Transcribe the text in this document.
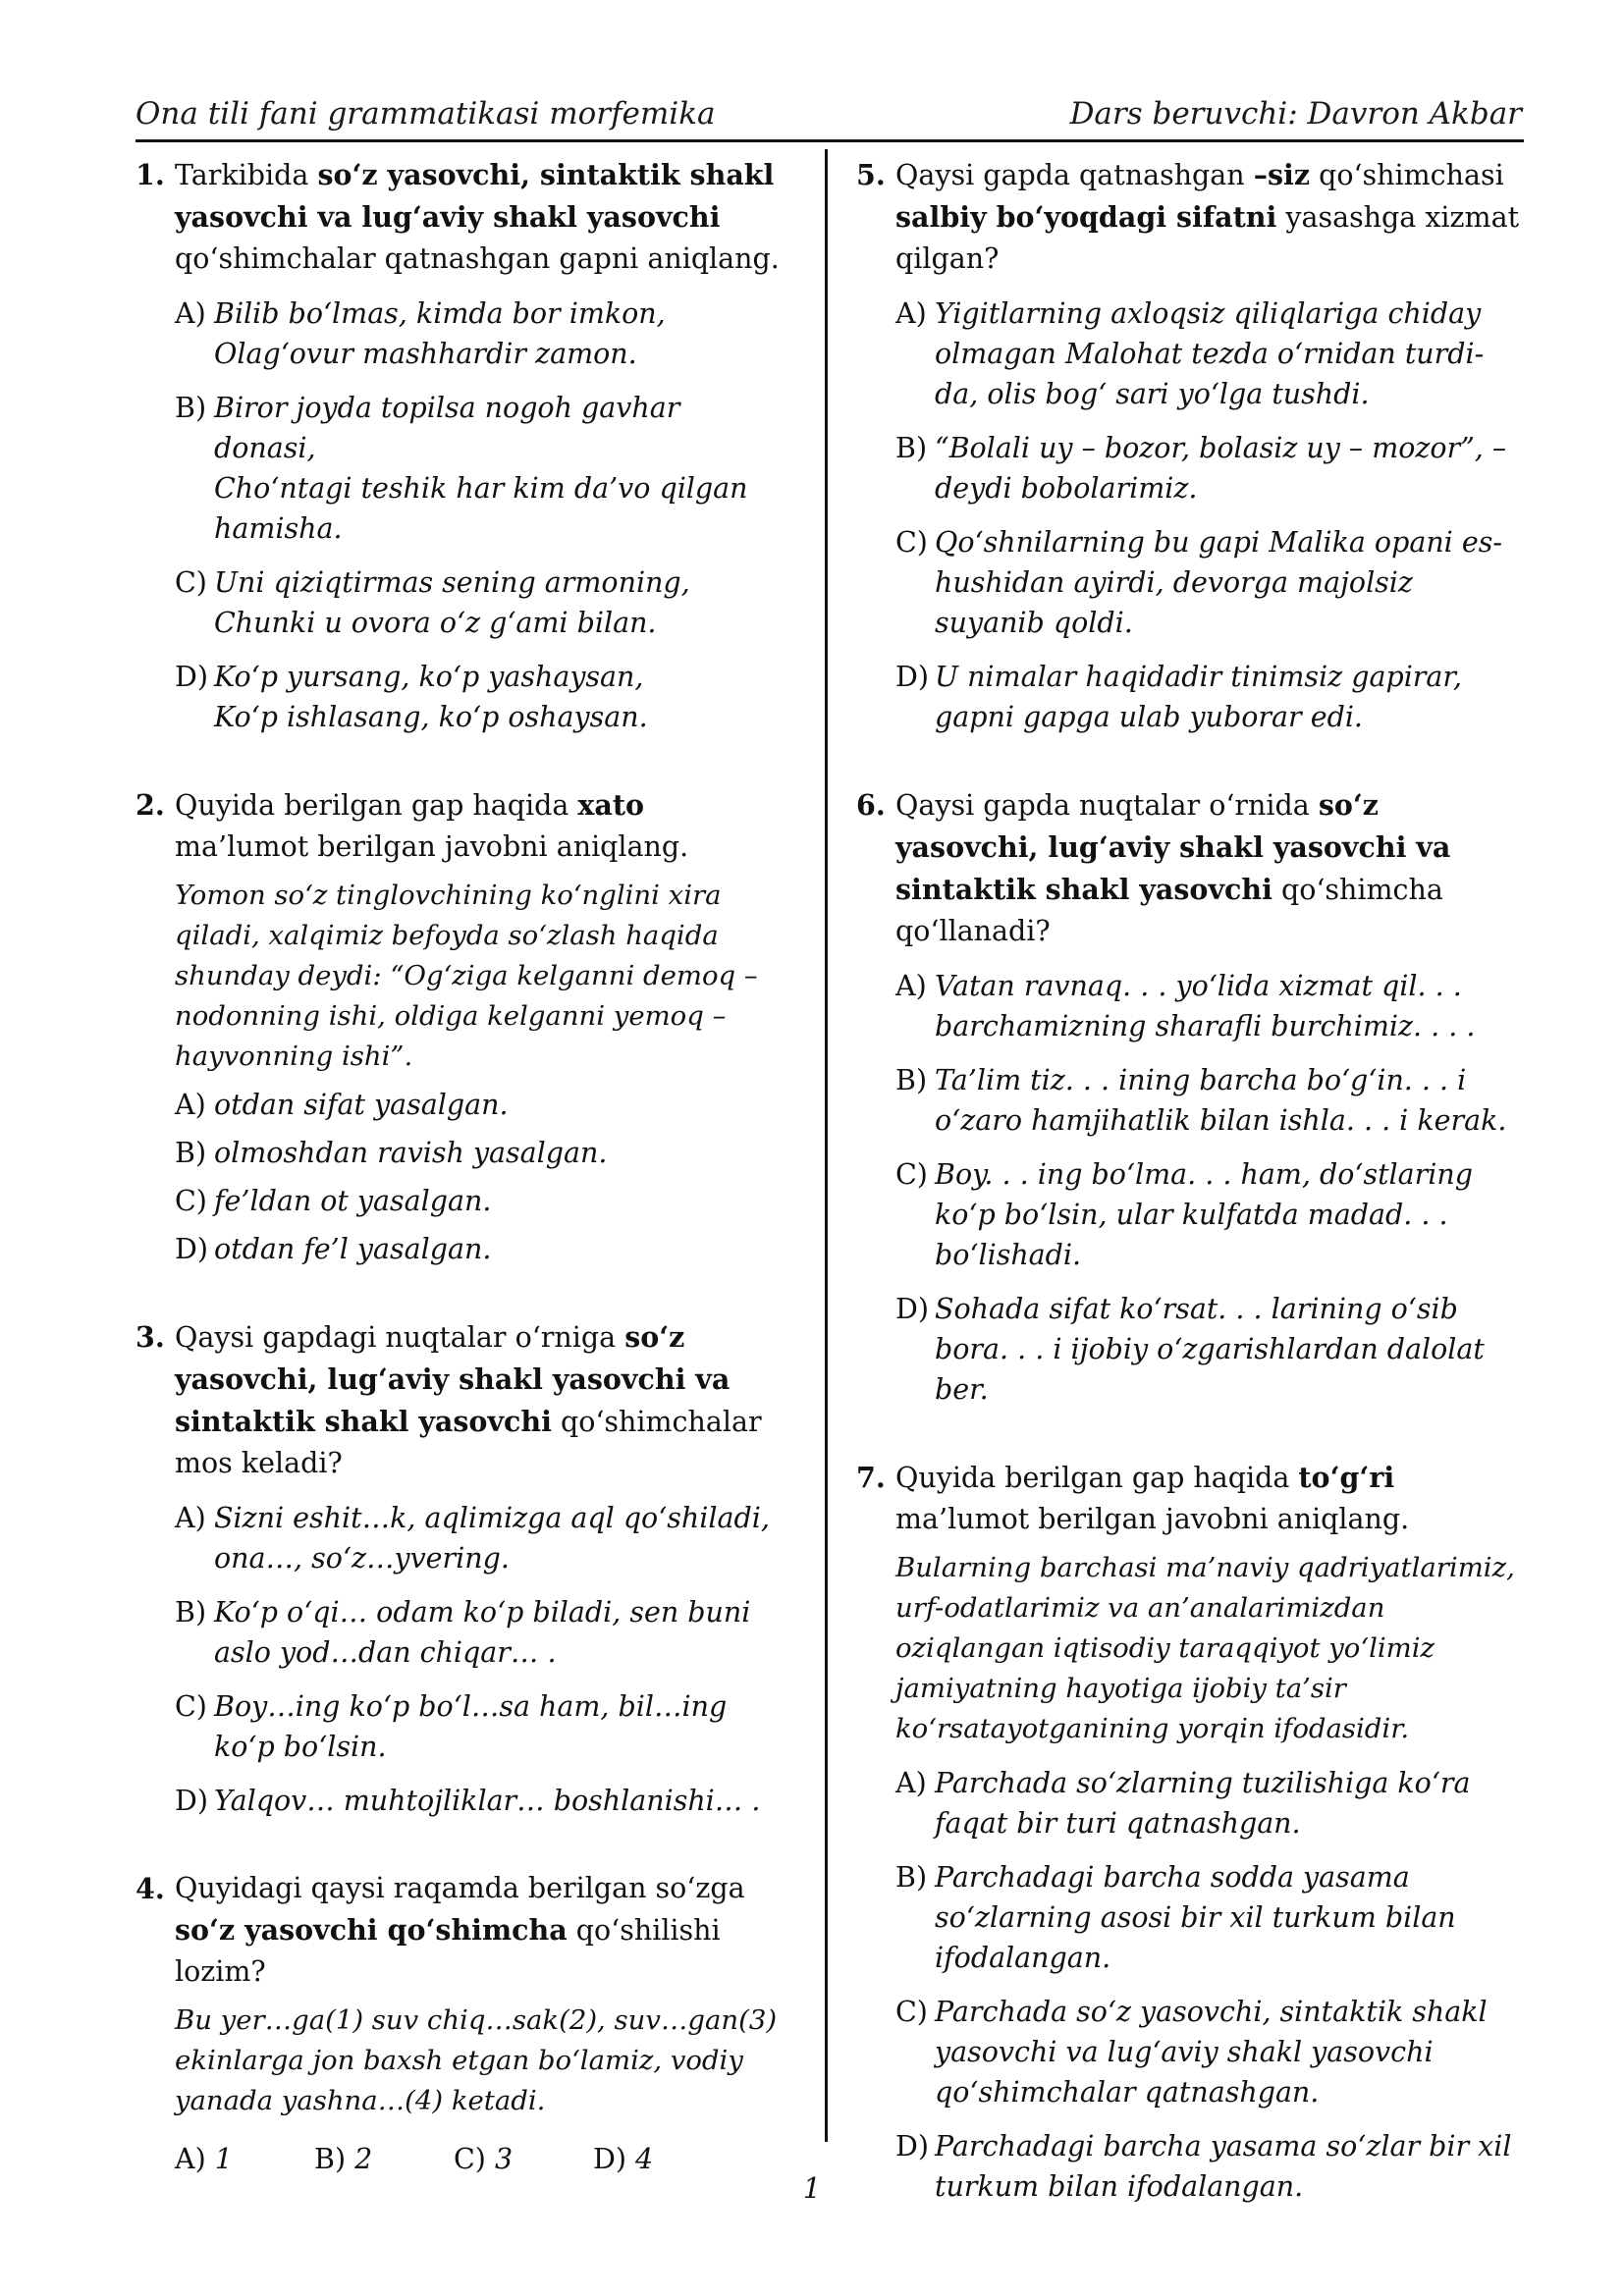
Ona tili fani grammatikasi morfemika	Dars beruvchi: Davron Akbar
1. Tarkibida so‘z yasovchi, sintaktik shakl yasovchi va lug‘aviy shakl yasovchi qo‘shimchalar qatnashgan gapni aniqlang.
A) Bilib bo‘lmas, kimda bor imkon,
Olag‘ovur mashhardir zamon.
B) Biror joyda topilsa nogoh gavhar donasi,
Cho‘ntagi teshik har kim da’vo qilgan hamisha.
C) Uni qiziqtirmas sening armoning,
Chunki u ovora o‘z g‘ami bilan.
D) Ko‘p yursang, ko‘p yashaysan,
Ko‘p ishlasang, ko‘p oshaysan.
2. Quyida berilgan gap haqida xato ma’lumot berilgan javobni aniqlang.
Yomon so‘z tinglovchining ko‘nglini xira qiladi, xalqimiz befoyda so‘zlash haqida shunday deydi: “Og‘ziga kelganni demoq – nodonning ishi, oldiga kelganni yemoq – hayvonning ishi”.
A) otdan sifat yasalgan.
B) olmoshdan ravish yasalgan.
C) fe’ldan ot yasalgan.
D) otdan fe’l yasalgan.
3. Qaysi gapdagi nuqtalar o‘rniga so‘z yasovchi, lug‘aviy shakl yasovchi va sintaktik shakl yasovchi qo‘shimchalar mos keladi?
A) Sizni eshit…k, aqlimizga aql qo‘shiladi, ona…, so‘z…yvering.
B) Ko‘p o‘qi… odam ko‘p biladi, sen buni aslo yod…dan chiqar… .
C) Boy…ing ko‘p bo‘l…sa ham, bil…ing ko‘p bo‘lsin.
D) Yalqov… muhtojliklar… boshlanishi… .
4. Quyidagi qaysi raqamda berilgan so‘zga so‘z yasovchi qo‘shimcha qo‘shilishi lozim?
Bu yer…ga(1) suv chiq…sak(2), suv…gan(3) ekinlarga jon baxsh etgan bo‘lamiz, vodiy yanada yashna…(4) ketadi.
A) 1	B) 2	C) 3	D) 4
5. Qaysi gapda qatnashgan –siz qo‘shimchasi salbiy bo‘yoqdagi sifatni yasashga xizmat qilgan?
A) Yigitlarning axloqsiz qiliqlariga chiday olmagan Malohat tezda o‘rnidan turdi-da, olis bog‘ sari yo‘lga tushdi.
B) “Bolali uy – bozor, bolasiz uy – mozor”, – deydi bobolarimiz.
C) Qo‘shnilarning bu gapi Malika opani es-hushidan ayirdi, devorga majolsiz suyanib qoldi.
D) U nimalar haqidadir tinimsiz gapirar, gapni gapga ulab yuborar edi.
6. Qaysi gapda nuqtalar o‘rnida so‘z yasovchi, lug‘aviy shakl yasovchi va sintaktik shakl yasovchi qo‘shimcha qo‘llanadi?
A) Vatan ravnaq. . . yo‘lida xizmat qil. . . barchamizning sharafli burchimiz. . . .
B) Ta’lim tiz. . . ining barcha bo‘g‘in. . . i o‘zaro hamjihatlik bilan ishla. . . i kerak.
C) Boy. . . ing bo‘lma. . . ham, do‘stlaring ko‘p bo‘lsin, ular kulfatda madad. . . bo‘lishadi.
D) Sohada sifat ko‘rsat. . . larining o‘sib bora. . . i ijobiy o‘zgarishlardan dalolat ber.
7. Quyida berilgan gap haqida to‘g‘ri ma’lumot berilgan javobni aniqlang.
Bularning barchasi ma’naviy qadriyatlarimiz, urf-odatlarimiz va an’analarimizdan oziqlangan iqtisodiy taraqqiyot yo‘limiz jamiyatning hayotiga ijobiy ta’sir ko‘rsatayotganining yorqin ifodasidir.
A) Parchada so‘zlarning tuzilishiga ko‘ra faqat bir turi qatnashgan.
B) Parchadagi barcha sodda yasama so‘zlarning asosi bir xil turkum bilan ifodalangan.
C) Parchada so‘z yasovchi, sintaktik shakl yasovchi va lug‘aviy shakl yasovchi qo‘shimchalar qatnashgan.
D) Parchadagi barcha yasama so‘zlar bir xil turkum bilan ifodalangan.
1
